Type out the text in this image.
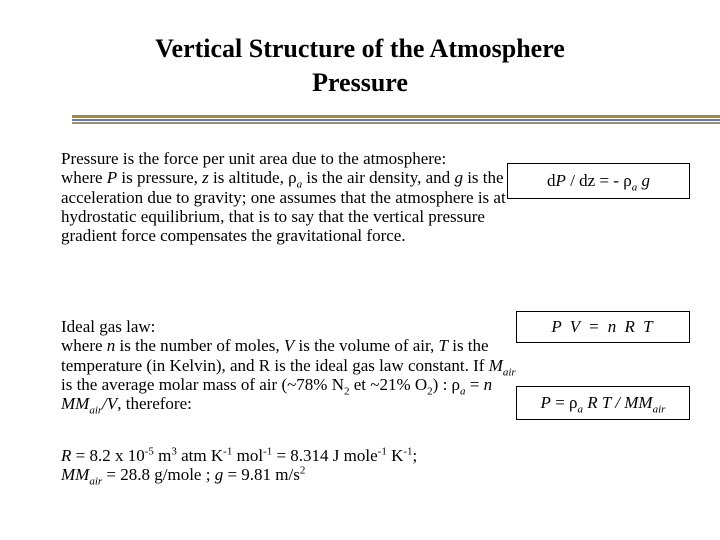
Vertical Structure of the Atmosphere
Pressure

Pressure is the force per unit area due to the atmosphere:

where P is pressure, z is altitude, $\rho_a$ is the air density, and g is the acceleration due to gravity; one assumes that the atmosphere is at hydrostatic equilibrium, that is to say that the vertical pressure gradient force compensates the gravitational force.

dP / dz = - $\rho_a$ g

Ideal gas law:

where n is the number of moles, V is the volume of air, T is the temperature (in Kelvin), and R is the ideal gas law constant. If $M_{air}$ is the average molar mass of air (~78% $N_2$ et ~21% $O_2$) : $\rho_a = n$ $MM_{air}/V$, therefore:

P V = n R T
$P = \rho_a$ R T / $MM_{air}$

R = 8.2 x $10^{-5}$ $m^3$ atm $K^{-1}$ mol$^{-1}$ = 8.314 J mole$^{-1}$ $K^{-1}$;

$MM_{air} = 28.8$ g/mole ; g = 9.81 $m/s^2$
